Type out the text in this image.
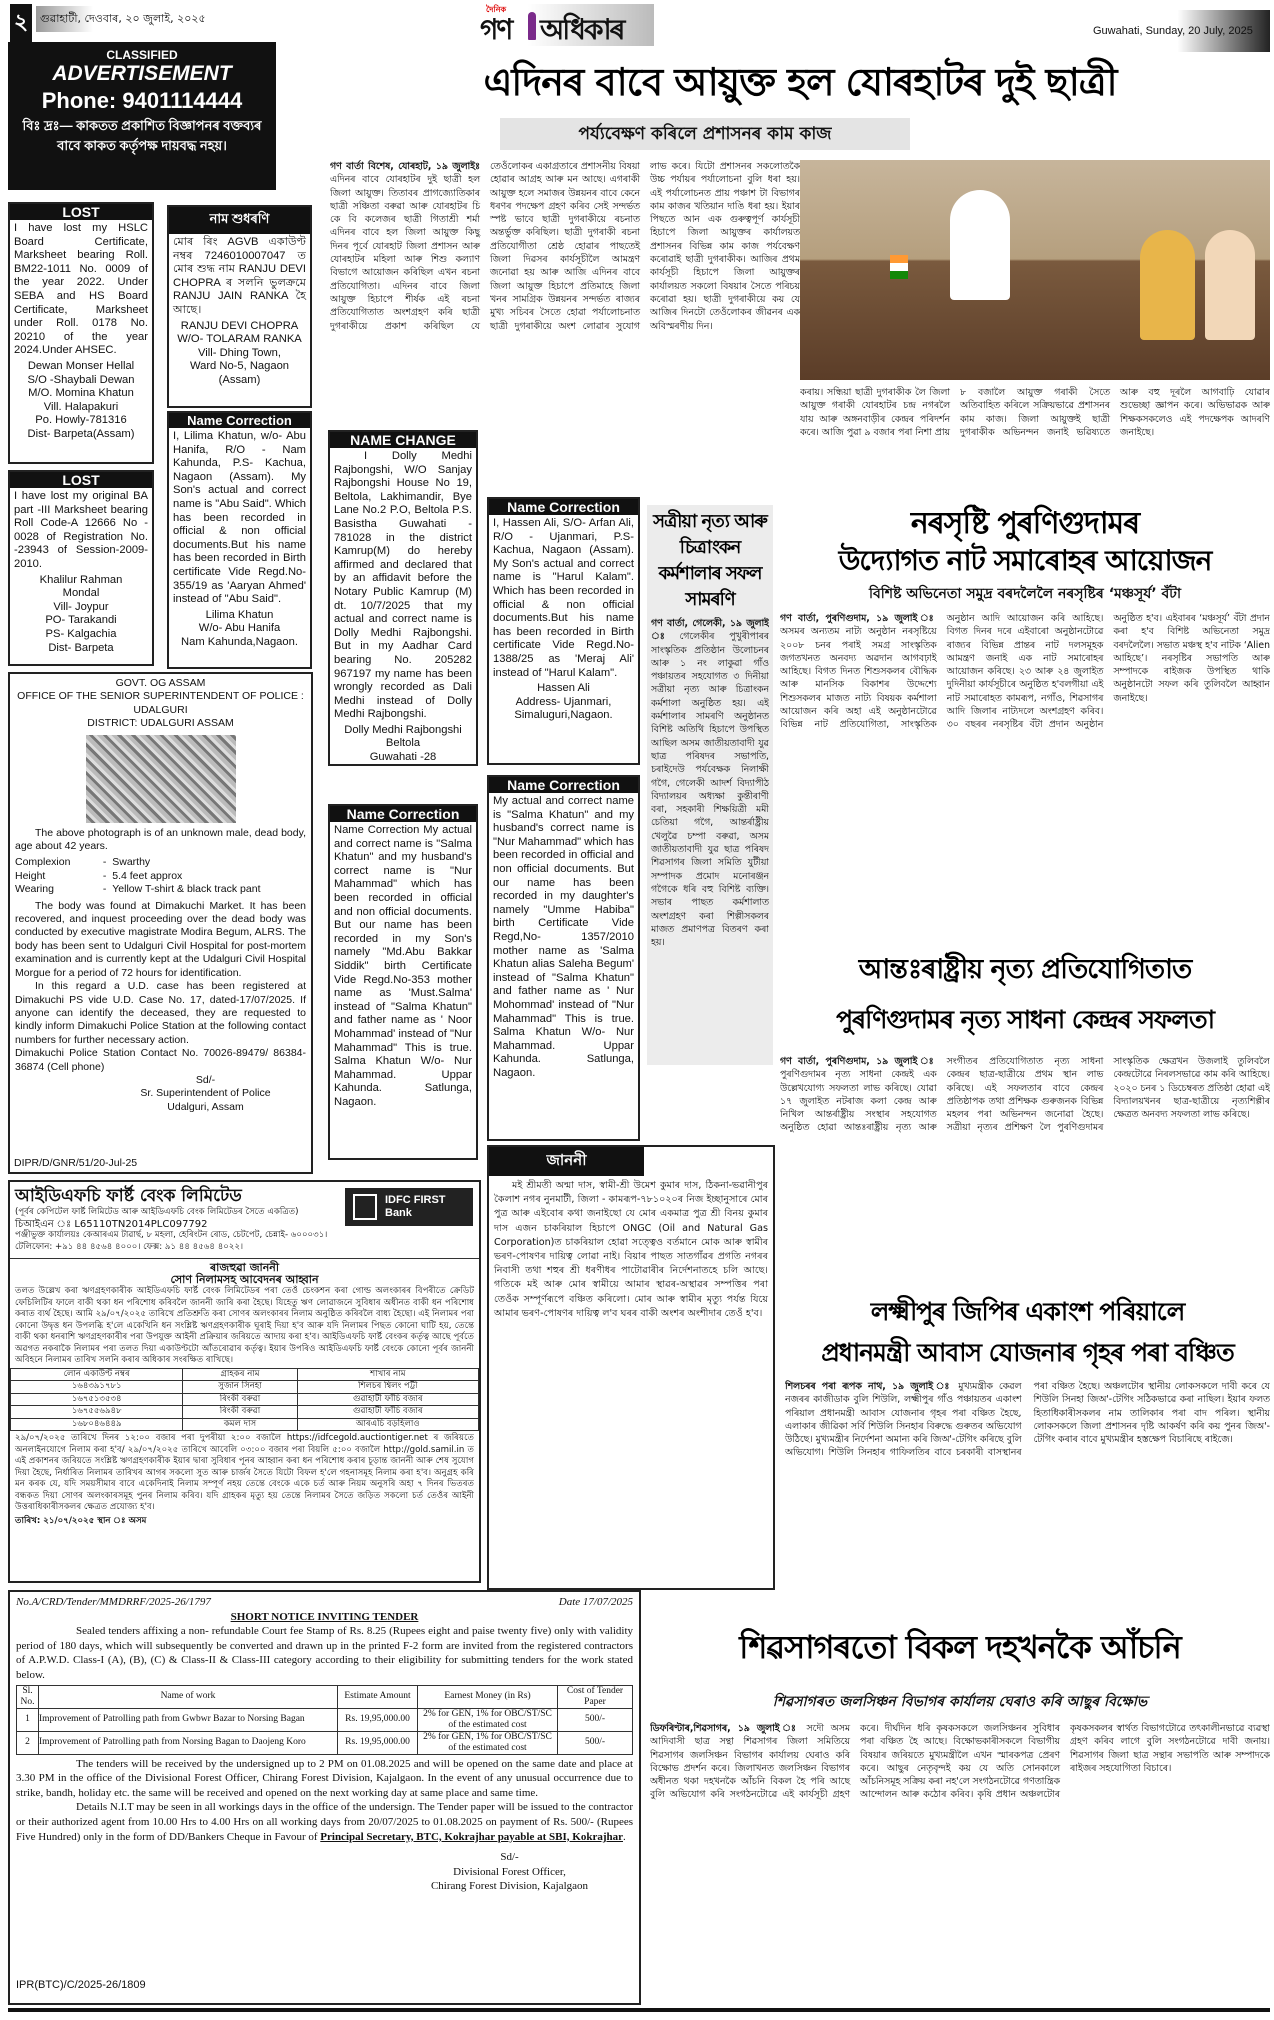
২	গুৱাহাটী, দেওবাৰ, ২০ জুলাই, ২০২৫
দৈনিক
গণ অধিকাৰ	Guwahati, Sunday, 20 July, 2025
CLASSIFIED
ADVERTISEMENT
Phone: 9401114444
বিঃ দ্ৰঃ— কাকতত প্ৰকাশিত বিজ্ঞাপনৰ বক্তব্যৰ বাবে কাকত কৰ্তৃপক্ষ দায়বদ্ধ নহয়।
LOST
I have lost my HSLC Board Certificate, Marksheet bearing Roll. BM22-1011 No. 0009 of the year 2022. Under SEBA and HS Board Certificate, Marksheet under Roll. 0178 No. 20210 of the year 2024.Under AHSEC.
Dewan Monser Hellal
S/O -Shaybali Dewan
M/O. Momina Khatun
Vill. Halapakuri
Po. Howly-781316
Dist- Barpeta(Assam)
LOST
I have lost my original BA part -III Marksheet bearing Roll Code-A 12666 No - 0028 of Registration No. -23943 of Session-2009-2010.
Khalilur Rahman
Mondal
Vill- Joypur
PO- Tarakandi
PS- Kalgachia
Dist- Barpeta
নাম শুধৰণি
মোৰ ৰিং AGVB একাউণ্ট নম্বৰ 7246010007047 ত মোৰ শুদ্ধ নাম RANJU DEVI CHOPRA ৰ সলনি ভুলক্ৰমে RANJU JAIN RANKA হৈ আছে।
RANJU DEVI CHOPRA
W/O- TOLARAM RANKA
Vill- Dhing Town,
Ward No-5, Nagaon
(Assam)
Name Correction
I, Lilima Khatun, w/o- Abu Hanifa, R/O - Nam Kahunda, P.S- Kachua, Nagaon (Assam). My Son's actual and correct name is "Abu Said". Which has been recorded in official & non official documents.But his name has been recorded in Birth certificate Vide Regd.No- 355/19 as 'Aaryan Ahmed' instead of "Abu Said".
Lilima Khatun
W/o- Abu Hanifa
Nam Kahunda,Nagaon.
এদিনৰ বাবে আয়ুক্ত হল যোৰহাটৰ দুই ছাত্ৰী
পৰ্য্যবেক্ষণ কৰিলে প্ৰশাসনৰ কাম কাজ
গণ বাৰ্তা বিশেষ, যোৰহাট, ১৯ জুলাইঃ এদিনৰ বাবে যোৰহাটৰ দুই ছাত্ৰী হল জিলা আয়ুক্ত। তিতাবৰ প্ৰাগজ্যোতিকাৰ ছাত্ৰী সঞ্চিতা বৰুৱা আৰু যোৰহাটৰ চি কে বি কলেজৰ ছাত্ৰী গিতাশ্ৰী শৰ্মা এদিনৰ বাবে হল জিলা আয়ুক্ত কিছু দিনৰ পূৰ্বে যোৰহাট জিলা প্ৰশাসন আৰু যোৰহাটৰ মহিলা আৰু শিশু কল্যাণ বিভাগে আয়োজন কৰিছিল এখন ৰচনা প্ৰতিযোগিতা। এদিনৰ বাবে জিলা আয়ুক্ত হিচাপে শীৰ্ষক এই ৰচনা প্ৰতিযোগিতাত অংশগ্ৰহণ কৰি ছাত্ৰী দুগৰাকীয়ে প্ৰকাশ কৰিছিল যে তেওঁলোকৰ একাগ্ৰতাৰে প্ৰশাসনীয় বিষয়া হোৱাৰ আগ্ৰহ আৰু মন আছে। এগৰাকী আয়ুক্ত হলে সমাজৰ উন্নয়নৰ বাবে কেনে ধৰণৰ পদক্ষেপ গ্ৰহণ কৰিব সেই সন্দৰ্ভত স্পষ্ট ভাবে ছাত্ৰী দুগৰাকীয়ে ৰচনাত অন্তৰ্ভুক্ত কৰিছিল। ছাত্ৰী দুগৰাকী ৰচনা প্ৰতিযোগীতা শ্ৰেষ্ঠ হোৱাৰ পাছতেই জিলা দিৱসৰ কাৰ্যসূচীলৈ আমন্ত্ৰণ জনোৱা হয় আৰু আজি এদিনৰ বাবে জিলা আয়ুক্ত হিচাপে প্ৰতিমাহে জিলা খনৰ সামগ্ৰিক উন্নয়নৰ সন্দৰ্ভত ৰাজ্যৰ মুখ্য সচিবৰ সৈতে হোৱা পৰ্যালোচনাত ছাত্ৰী দুগৰাকীয়ে অংশ লোৱাৰ সুযোগ লাভ কৰে। যিটো প্ৰশাসনৰ সকলোতকৈ উচ্চ পৰ্যায়ৰ পৰ্যালোচনা বুলি ধৰা হয়। এই পৰ্যালোচনত প্ৰায় পঞ্চাশ টা বিভাগৰ কাম কাজৰ খতিয়ান দাঙি ধৰা হয়। ইয়াৰ পিছতে আন এক গুৰুত্বপূৰ্ণ কাৰ্যসূচী হিচাপে জিলা আয়ুক্তৰ কাৰ্যালয়ত প্ৰশাসনৰ বিভিন্ন কাম কাজ পৰ্যবেক্ষণ কৰোৱাই ছাত্ৰী দুগৰাকীক। আজিৰ প্ৰথম কাৰ্যসূচী হিচাপে জিলা আয়ুক্তৰ কাৰ্যালয়ত সকলো বিষয়াৰ সৈতে পৰিচয় কৰোৱা হয়। ছাত্ৰী দুগৰাকীয়ে কয় যে আজিৰ দিনটো তেওঁলোকৰ জীৱনৰ এক অবিস্মৰণীয় দিন।
কৰায়। সন্ধিয়া ছাত্ৰী দুগৰাকীক লৈ জিলা আয়ুক্ত গৰাকী যোৰহাটৰ চন্দ্ৰ নগৰলৈ যায় আৰু অঙ্গনবাড়ীৰ কেন্দ্ৰৰ পৰিদৰ্শন কৰে। আজি পুৱা ৯ বজাৰ পৰা নিশা প্ৰায় ৮ বজালৈ আয়ুক্ত গৰাকী সৈতে অতিবাহিত কৰিলে সক্ৰিয়ভাৱে প্ৰশাসনৰ কাম কাজ। জিলা আয়ুক্তই ছাত্ৰী দুগৰাকীক অভিনন্দন জনাই ভৱিষ্যতে আৰু বহু দূৰলৈ আগবাঢ়ি যোৱাৰ শুভেচ্ছা জ্ঞাপন কৰে। অভিভাৱক আৰু শিক্ষকসকলেও এই পদক্ষেপক আদৰণি জনাইছে।
NAME CHANGE
I Dolly Medhi Rajbongshi, W/O Sanjay Rajbongshi House No 19, Beltola, Lakhimandir, Bye Lane No.2 P.O, Beltola P.S. Basistha Guwahati - 781028 in the district Kamrup(M) do hereby affirmed and declared that by an affidavit before the Notary Public Kamrup (M) dt. 10/7/2025 that my actual and correct name is Dolly Medhi Rajbongshi. But in my Aadhar Card bearing No. 205282 967197 my name has been wrongly recorded as Dali Medhi instead of Dolly Medhi Rajbongshi.
Dolly Medhi Rajbongshi
Beltola
Guwahati -28
Name Correction
I, Hassen Ali, S/O- Arfan Ali, R/O - Ujanmari, P.S- Kachua, Nagaon (Assam). My Son's actual and correct name is "Harul Kalam". Which has been recorded in official & non official documents.But his name has been recorded in Birth certificate Vide Regd.No- 1388/25 as 'Meraj Ali' instead of "Harul Kalam".
Hassen Ali
Address- Ujanmari,
Simaluguri,Nagaon.
Name Correction
Name Correction My actual and correct name is "Salma Khatun" and my husband's correct name is "Nur Mahammad" which has been recorded in official and non official documents. But our name has been recorded in my Son's namely "Md.Abu Bakkar Siddik" birth Certificate Vide Regd.No-353 mother name as 'Must.Salma' instead of "Salma Khatun" and father name as ' Noor Mohammad' instead of "Nur Mahammad" This is true. Salma Khatun W/o- Nur Mahammad. Uppar Kahunda. Satlunga, Nagaon.
Name Correction
My actual and correct name is "Salma Khatun" and my husband's correct name is "Nur Mahammad" which has been recorded in official and non official documents. But our name has been recorded in my daughter's namely "Umme Habiba" birth Certificate Vide Regd,No- 1357/2010 mother name as 'Salma Khatun alias Saleha Begum' instead of "Salma Khatun" and father name as ' Nur Mohommad' instead of "Nur Mahammad" This is true. Salma Khatun W/o- Nur Mahammad. Uppar Kahunda. Satlunga, Nagaon.
সত্ৰীয়া নৃত্য আৰু চিত্ৰাংকন কৰ্মশালাৰ সফল সামৰণি
গণ বাৰ্তা, গেলেকী, ১৯ জুলাই ঃ গেলেকীৰ পুখুৰীপাৰৰ সাংস্কৃতিক প্ৰতিষ্ঠান উলোচনৰ আৰু ১ নং লাকুৱা গাঁও পঞ্চায়তৰ সহযোগত ৩ দিনীয়া সত্ৰীয়া নৃত্য আৰু চিত্ৰাংকন কৰ্মশালা অনুষ্ঠিত হয়। এই কৰ্মশালাৰ সামৰণি অনুষ্ঠানত বিশিষ্ট অতিথি হিচাপে উপস্থিত আছিল অসম জাতীয়তাবাদী যুৱ ছাত্ৰ পৰিষদৰ সভাপতি, চৰাইদেউ পৰ্যবেক্ষক নিলাক্ষী গগৈ, গেলেকী আদৰ্শ বিদ্যাপীঠ বিদ্যালয়ৰ অধ্যক্ষা কুন্তীৰাণী বৰা, সহকাৰী শিক্ষয়িত্ৰী মমী চেতিয়া গগৈ, আন্তৰ্ৰাষ্ট্ৰীয় খেলুৱৈ চম্পা বৰুৱা, অসম জাতীয়তাবাদী যুৱ ছাত্ৰ পৰিষদ শিৱসাগৰ জিলা সমিতি যুটীয়া সম্পাদক প্ৰমোদ মনোৰঞ্জন গগৈকে ধৰি বহু বিশিষ্ট ব্যক্তি। সভাৰ পাছত কৰ্মশালাত অংশগ্ৰহণ কৰা শিল্পীসকলৰ মাজত প্ৰমাণপত্ৰ বিতৰণ কৰা হয়।
নৰসৃষ্টি পুৰণিগুদামৰ
উদ্যোগত নাট সমাৰোহৰ আয়োজন
বিশিষ্ট অভিনেতা সমুদ্ৰ বৰদলৈলৈ নৰসৃষ্টিৰ ‘মঞ্চসূৰ্য’ বঁটা
গণ বাৰ্তা, পুৰণিগুদাম, ১৯ জুলাই ঃ অসমৰ অন্যতম নাট্য অনুষ্ঠান নৰসৃষ্টিয়ে ২০০৮ চনৰ পৰাই সমগ্ৰ সাংস্কৃতিক জগতখনত অনবদ্য অৱদান আগবঢ়াই আহিছে। বিগত দিনত শিশুসকলৰ বৌদ্ধিক আৰু মানসিক বিকাশৰ উদ্দেশ্যে শিশুসকলৰ মাজত নাট্য বিষয়ক কৰ্মশালা আয়োজন কৰি অহা এই অনুষ্ঠানটোৱে বিভিন্ন নাট প্ৰতিযোগিতা, সাংস্কৃতিক অনুষ্ঠান আদি আয়োজন কৰি আহিছে। বিগত দিনৰ দৰে এইবাৰো অনুষ্ঠানটোৱে ৰাজ্যৰ বিভিন্ন প্ৰান্তৰ নাট দলসমূহক আমন্ত্ৰণ জনাই এক নাট সমাৰোহৰ আয়োজন কৰিছে। ২৩ আৰু ২৪ জুলাইত দুদিনীয়া কাৰ্যসূচীৰে অনুষ্ঠিত হ'বলগীয়া এই নাট সমাৰোহত কামৰূপ, নগাঁও, শিৱসাগৰ আদি জিলাৰ নাট্যদলে অংশগ্ৰহণ কৰিব। ৩০ বছৰৰ নৰসৃষ্টিৰ বঁটা প্ৰদান অনুষ্ঠান অনুষ্ঠিত হ'ব। এইবাৰৰ ‘মঞ্চসূৰ্য’ বঁটা প্ৰদান কৰা হ'ব বিশিষ্ট অভিনেতা সমুদ্ৰ বৰদলৈলৈ। সভাত মঞ্চস্থ হ'ব নাটক ‘Alien আহিছে’। নৰসৃষ্টিৰ সভাপতি আৰু সম্পাদকে ৰাইজক উপস্থিত থাকি অনুষ্ঠানটো সফল কৰি তুলিবলৈ আহ্বান জনাইছে।
আন্তঃৰাষ্ট্ৰীয় নৃত্য প্ৰতিযোগিতাত
পুৰণিগুদামৰ নৃত্য সাধনা কেন্দ্ৰৰ সফলতা
গণ বাৰ্তা, পুৰণিগুদাম, ১৯ জুলাই ঃ পুৰণিগুদামৰ নৃত্য সাধনা কেন্দ্ৰই এক উল্লেখযোগ্য সফলতা লাভ কৰিছে। যোৱা ১৭ জুলাইত নটৰাজ কলা কেন্দ্ৰ আৰু নিখিল আন্তৰ্ৰাষ্ট্ৰীয় সংস্থাৰ সহযোগত অনুষ্ঠিত হোৱা আন্তঃৰাষ্ট্ৰীয় নৃত্য আৰু সংগীতৰ প্ৰতিযোগিতাত নৃত্য সাধনা কেন্দ্ৰৰ ছাত্ৰ-ছাত্ৰীয়ে প্ৰথম স্থান লাভ কৰিছে। এই সফলতাৰ বাবে কেন্দ্ৰৰ প্ৰতিষ্ঠাপক তথা প্ৰশিক্ষক গুৰুজনক বিভিন্ন মহলৰ পৰা অভিনন্দন জনোৱা হৈছে। সত্ৰীয়া নৃত্যৰ প্ৰশিক্ষণ লৈ পুৰণিগুদামৰ সাংস্কৃতিক ক্ষেত্ৰখন উজলাই তুলিবলৈ কেন্দ্ৰটোৱে নিৰলসভাৱে কাম কৰি আহিছে। ২০২০ চনৰ ১ ডিচেম্বৰত প্ৰতিষ্ঠা হোৱা এই বিদ্যালয়খনৰ ছাত্ৰ-ছাত্ৰীয়ে নৃত্যশিল্পীৰ ক্ষেত্ৰত অনবদ্য সফলতা লাভ কৰিছে।
GOVT. OG ASSAM
OFFICE OF THE SENIOR SUPERINTENDENT OF POLICE : UDALGURI
DISTRICT: UDALGURI ASSAM
The above photograph is of an unknown male, dead body, age about 42 years.
Complexion	-  Swarthy
Height	-  5.4 feet approx
Wearing	-  Yellow T-shirt & black track pant
The body was found at Dimakuchi Market. It has been recovered, and inquest proceeding over the dead body was conducted by executive magistrate Modira Begum, ALRS. The body has been sent to Udalguri Civil Hospital for post-mortem examination and is currently kept at the Udalguri Civil Hospital Morgue for a period of 72 hours for identification.
In this regard a U.D. case has been registered at Dimakuchi PS vide U.D. Case No. 17, dated-17/07/2025. If anyone can identify the deceased, they are requested to kindly inform Dimakuchi Police Station at the following contact numbers for further necessary action.
Dimakuchi Police Station Contact No. 70026-89479/ 86384-36874 (Cell phone)
Sd/-
Sr. Superintendent of Police
Udalguri, Assam
DIPR/D/GNR/51/20-Jul-25
আইডিএফচি ফাৰ্ষ্ট বেংক লিমিটেড
(পূৰ্বৰ কেপিটেল ফাৰ্ষ্ট লিমিটেড আৰু আইডিএফচি বেংক লিমিটেডৰ সৈতে একত্ৰিত)
চিআইএন ঃ L65110TN2014PLC097792
পঞ্জীভুক্ত কাৰ্যালয়ঃ কেআৰএম টাৱাৰ্ছ, ৮ মহলা, হেৰিংটন ৰোড, চেটপেট, চেন্নাই- ৬০০০৩১।
টেলিফোন: +৯১ ৪৪ ৪৫৬৪ ৪০০০। ফেক্স: ৯১ ৪৪ ৪৫৬৪ ৪০২২।
IDFC FIRST
Bank
ৰাজহুৱা জাননী
সোণ নিলামসহ আবেদনৰ আহ্বান
তলত উল্লেখ কৰা ঋণগ্ৰহণকাৰীক আইডিএফচি ফাৰ্ষ্ট বেংক লিমিটেডৰ পৰা তেওঁ চেংকশন কৰা গোল্ড অলংকাৰৰ বিপৰীতে ক্ৰেডিট ফেচিলিটিৰ ফালে বাকী থকা ধন পৰিশোধ কৰিবলৈ জাননী জাৰি কৰা হৈছে। যিহেতু ঋণ লোৱাজনে সুবিধাৰ অধীনত বাকী ধন পৰিশোধ কৰাত ব্যৰ্থ হৈছে। আমি ২৯/০৭/২০২৫ তাৰিখে প্ৰতিশ্ৰুতি কৰা সোণৰ অলংকাৰৰ নিলাম অনুষ্ঠিত কৰিবলৈ বাধ্য হৈছো। এই নিলামৰ পৰা কোনো উদ্বৃত্ত ধন উপলব্ধি হ'লে একেখিনি ধন সংশ্লিষ্ট ঋণগ্ৰহণকাৰীক ঘূৰাই দিয়া হ'ব আৰু যদি নিলামৰ পিছত কোনো ঘাটি হয়, তেন্তে বাকী থকা ধনৰাশি ঋণগ্ৰহণকাৰীৰ পৰা উপযুক্ত আইনী প্ৰক্ৰিয়াৰ জৰিয়তে আদায় কৰা হ'ব। আইডিএফচি ফাৰ্ষ্ট বেংকৰ কৰ্তৃত্ব আছে পূৰ্বতে অৱগত নকৰাকৈ নিলামৰ পৰা তলত দিয়া একাউণ্টটো আঁতৰোৱাৰ কৰ্তৃত্ব। ইয়াৰ উপৰিও আইডিএফচি ফাৰ্ষ্ট বেংকে কোনো পূৰ্বৰ জাননী অবিহনে নিলামৰ তাৰিখ সলনি কৰাৰ অধিকাৰ সংৰক্ষিত ৰাখিছে।
লোন একাউণ্ট নম্বৰ	গ্ৰাহকৰ নাম	শাখাৰ নাম
১৬৪৩৯১৭৮১	সুজান সিনহা	শিলচৰ শ্বিলং পট্টী
১৬৭৫১৩৫৩৪	ৰিংকী বৰুৱা	গুৱাহাটী ফাঁচি বজাৰ
১৬৭৫৫৬৯৪৮	ৰিংকী বৰুৱা	গুৱাহাটী ফাঁচি বজাৰ
১৬৮০৪৬৪৪৯	কমল দাস	আৰএচি বড়হিলাও
২৯/০৭/২০২৫ তাৰিখে দিনৰ ১২:০০ বজাৰ পৰা দুপৰীয়া ২:০০ বজালৈ https://idfcegold.auctiontiger.net ৰ জৰিয়তে অনলাইনযোগে নিলাম কৰা হ'ব/ ২৯/০৭/২০২৫ তাৰিখে আবেলি ০৩:০০ বজাৰ পৰা বিয়লি ৫:০০ বজালৈ http://gold.samil.in ত এই প্ৰকাশনৰ জৰিয়তে সংশ্লিষ্ট ঋণগ্ৰহণকাৰীক ইয়াৰ দ্বাৰা সুবিধাৰ পূনৰ আহ্বান কৰা ধন পৰিশোধ কৰাৰ চূড়ান্ত জাননী আৰু শেষ সুযোগ দিয়া হৈছে, নিৰ্ধাৰিত নিলামৰ তাৰিখৰ আগৰ সকলো সুত আৰু চাৰ্জৰ সৈতে যিটো বিফল হ'লে গহনাসমূহ নিলাম কৰা হ'ব। অনুগ্ৰহ কৰি মন কৰক যে, যদি সময়সীমাৰ বাবে একেদিনাই নিলাম সম্পূৰ্ণ নহয় তেন্তে বেংকে একে চৰ্ত আৰু নিয়ম অনুসৰি অহা ৭ দিনৰ ভিতৰত বন্ধকত দিয়া সোণৰ অলংকাৰসমূহ পুনৰ নিলাম কৰিব। যদি গ্ৰাহকৰ মৃত্যু হয় তেন্তে নিলামৰ সৈতে জড়িত সকলো চৰ্ত তেওঁৰ আইনী উত্তৰাধিকাৰীসকলৰ ক্ষেত্ৰত প্ৰযোজ্য হ'ব।
তাৰিখ: ২১/০৭/২০২৫ স্থান ঃ অসম
জাননী
মই শ্ৰীমতী অন্মা দাস, স্বামী-শ্ৰী উমেশ কুমাৰ দাস, ঠিকনা-ভৱানীপুৰ কৈলাশ নগৰ নুনমাটী, জিলা - কামৰূপ-৭৮১০২০ৰ নিজ ইচ্ছানুসাৰে মোৰ পুত্ৰ আৰু এইবোৰ কথা জনাইছো যে মোৰ একমাত্ৰ পুত্ৰ শ্ৰী বিনয় কুমাৰ দাস এজন চাকৰিয়াল হিচাপে ONGC (Oil and Natural Gas Corporation)ত চাকৰিয়াল হোৱা সত্ত্বেও বৰ্তমানে মোক আৰু স্বামীৰ ভৰণ-পোষণৰ দায়িত্ব লোৱা নাই। বিয়াৰ পাছত সাতগাঁৱৰ প্ৰগতি নগৰৰ নিবাসী তথা শহুৰ শ্ৰী ধৰণীধৰ পাটোৱাৰীৰ নিৰ্দেশনাতহে চলি আছে। গতিকে মই আৰু মোৰ স্বামীয়ে আমাৰ স্থাৱৰ-অস্থাৱৰ সম্পত্তিৰ পৰা তেওঁক সম্পূৰ্ণৰূপে বঞ্চিত কৰিলো। মোৰ আৰু স্বামীৰ মৃত্যু পৰ্যন্ত যিয়ে আমাৰ ভৰণ-পোষণৰ দায়িত্ব ল'ব ঘৰৰ বাকী অংশৰ অংশীদাৰ তেওঁ হ'ব।	লক্ষ্মীপুৰ জিপিৰ একাংশ পৰিয়ালে
প্ৰধানমন্ত্ৰী আবাস যোজনাৰ গৃহৰ পৰা বঞ্চিত
শিলচৰৰ পৰা ৰূপক নাথ, ১৯ জুলাই ঃ মুখ্যমন্ত্ৰীক কেৱল নজৰৰ কাজীডাক বুলি শিউলি, লক্ষ্মীপুৰ গাঁও পঞ্চায়তৰ একাংশ পৰিয়াল প্ৰধানমন্ত্ৰী আবাস যোজনাৰ গৃহৰ পৰা বঞ্চিত হৈছে, এলাকাৰ জীৱিকা সৰ্বি শিউলি সিনহাৰ বিৰুদ্ধে গুৰুতৰ অভিযোগ উঠিছে। মুখ্যমন্ত্ৰীৰ নিৰ্দেশনা অমান্য কৰি জিঅ'-টেগিং কৰিছে বুলি অভিযোগ। শিউলি সিনহাৰ গাফিলতিৰ বাবে চৰকাৰী বাসস্থানৰ পৰা বঞ্চিত হৈছে। অঞ্চলটোৰ স্থানীয় লোকসকলে দাবী কৰে যে শিউলি সিনহা জিঅ'-টেগিং সঠিকভাৱে কৰা নাছিল। ইয়াৰ ফলত হিতাধিকাৰীসকলৰ নাম তালিকাৰ পৰা বাদ পৰিল। স্থানীয় লোকসকলে জিলা প্ৰশাসনৰ দৃষ্টি আকৰ্ষণ কৰি কয় পুনৰ জিঅ'-টেগিং কৰাৰ বাবে মুখ্যমন্ত্ৰীৰ হস্তক্ষেপ বিচাৰিছে ৰাইজে।
No.A/CRD/Tender/MMDRRF/2025-26/1797	Date 17/07/2025
SHORT NOTICE INVITING TENDER
Sealed tenders affixing a non- refundable Court fee Stamp of Rs. 8.25 (Rupees eight and paise twenty five) only with validity period of 180 days, which will subsequently be converted and drawn up in the printed F-2 form are invited from the registered contractors of A.P.W.D. Class-I (A), (B), (C) & Class-II & Class-III category according to their eligibility for submitting tenders for the work stated below.
Sl. No.	Name of work	Estimate Amount	Earnest Money (in Rs)	Cost of Tender Paper
1	Improvement of Patrolling path from Gwbwr Bazar to Norsing Bagan	Rs. 19,95,000.00	2% for GEN, 1% for OBC/ST/SC of the estimated cost	500/-
2	Improvement of Patrolling path from Norsing Bagan to Daojeng Koro	Rs. 19,95,000.00	2% for GEN, 1% for OBC/ST/SC of the estimated cost	500/-
The tenders will be received by the undersigned up to 2 PM on 01.08.2025 and will be opened on the same date and place at 3.30 PM in the office of the Divisional Forest Officer, Chirang Forest Division, Kajalgaon. In the event of any unusual occurrence due to strike, bandh, holiday etc. the same will be received and opened on the next working day at same place and same time.
Details N.I.T may be seen in all workings days in the office of the undersign. The Tender paper will be issued to the contractor or their authorized agent from 10.00 Hrs to 4.00 Hrs on all working days from 20/07/2025 to 01.08.2025 on payment of Rs. 500/- (Rupees Five Hundred) only in the form of DD/Bankers Cheque in Favour of Principal Secretary, BTC, Kokrajhar payable at SBI, Kokrajhar.
Sd/-
Divisional Forest Officer,
Chirang Forest Division, Kajalgaon
IPR(BTC)/C/2025-26/1809
শিৱসাগৰতো বিকল দহখনকৈ আঁচনি
শিৱসাগৰত জলসিঞ্চন বিভাগৰ কাৰ্যালয় ঘেৰাও কৰি আছুৰ বিক্ষোভ
ডিফৰিণ্টাৰ,শিৱসাগৰ, ১৯ জুলাই ঃ সদৌ অসম আদিবাসী ছাত্ৰ সন্থা শিৱসাগৰ জিলা সমিতিয়ে শিৱসাগৰ জলসিঞ্চন বিভাগৰ কাৰ্যালয় ঘেৰাও কৰি বিক্ষোভ প্ৰদৰ্শন কৰে। জিলাখনত জলসিঞ্চন বিভাগৰ অধীনত থকা দহখনকৈ আঁচনি বিকল হৈ পৰি আছে বুলি অভিযোগ কৰি সংগঠনটোৱে এই কাৰ্যসূচী গ্ৰহণ কৰে। দীৰ্ঘদিন ধৰি কৃষকসকলে জলসিঞ্চনৰ সুবিধাৰ পৰা বঞ্চিত হৈ আছে। বিক্ষোভকাৰীসকলে বিভাগীয় বিষয়াৰ জৰিয়তে মুখ্যমন্ত্ৰীলৈ এখন স্মাৰকপত্ৰ প্ৰেৰণ কৰে। আছুৰ নেতৃবৃন্দই কয় যে অতি সোনকালে আঁচনিসমূহ সক্ৰিয় কৰা নহ'লে সংগঠনটোৱে গণতান্ত্ৰিক আন্দোলন আৰু কঠোৰ কৰিব। কৃষি প্ৰধান অঞ্চলটোৰ কৃষকসকলৰ স্বাৰ্থত বিভাগটোৱে তৎকালীনভাৱে ব্যৱস্থা গ্ৰহণ কৰিব লাগে বুলি সংগঠনটোৱে দাবী জনায়। শিৱসাগৰ জিলা ছাত্ৰ সন্থাৰ সভাপতি আৰু সম্পাদকে ৰাইজৰ সহযোগিতা বিচাৰে।
